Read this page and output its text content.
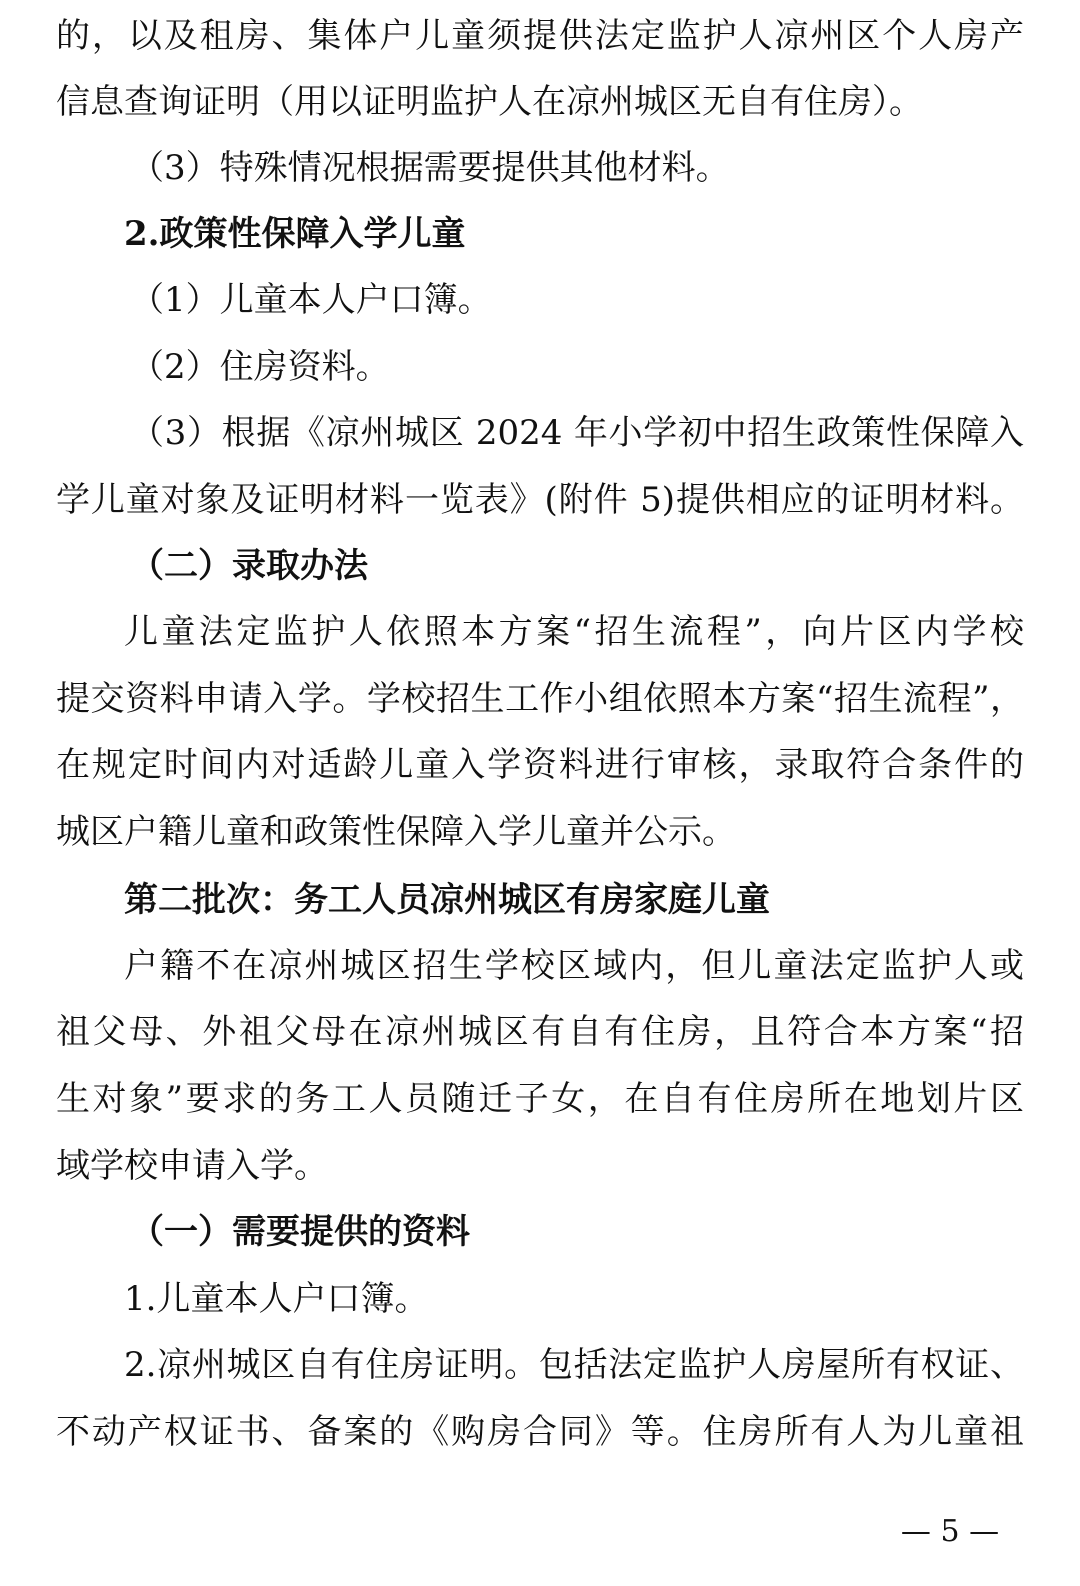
的，以及租房、集体户儿童须提供法定监护人凉州区个人房产
信息查询证明（用以证明监护人在凉州城区无自有住房）。
（3）特殊情况根据需要提供其他材料。
2.政策性保障入学儿童
（1）儿童本人户口簿。
（2）住房资料。
（3）根据《凉州城区 2024 年小学初中招生政策性保障入
学儿童对象及证明材料一览表》(附件 5)提供相应的证明材料。
（二）录取办法
儿童法定监护人依照本方案“招生流程”，向片区内学校
提交资料申请入学。学校招生工作小组依照本方案“招生流程”，
在规定时间内对适龄儿童入学资料进行审核，录取符合条件的
城区户籍儿童和政策性保障入学儿童并公示。
第二批次：务工人员凉州城区有房家庭儿童
户籍不在凉州城区招生学校区域内，但儿童法定监护人或
祖父母、外祖父母在凉州城区有自有住房，且符合本方案“招
生对象”要求的务工人员随迁子女，在自有住房所在地划片区
域学校申请入学。
（一）需要提供的资料
1.儿童本人户口簿。
2.凉州城区自有住房证明。包括法定监护人房屋所有权证、
不动产权证书、备案的《购房合同》等。住房所有人为儿童祖
— 5 —
